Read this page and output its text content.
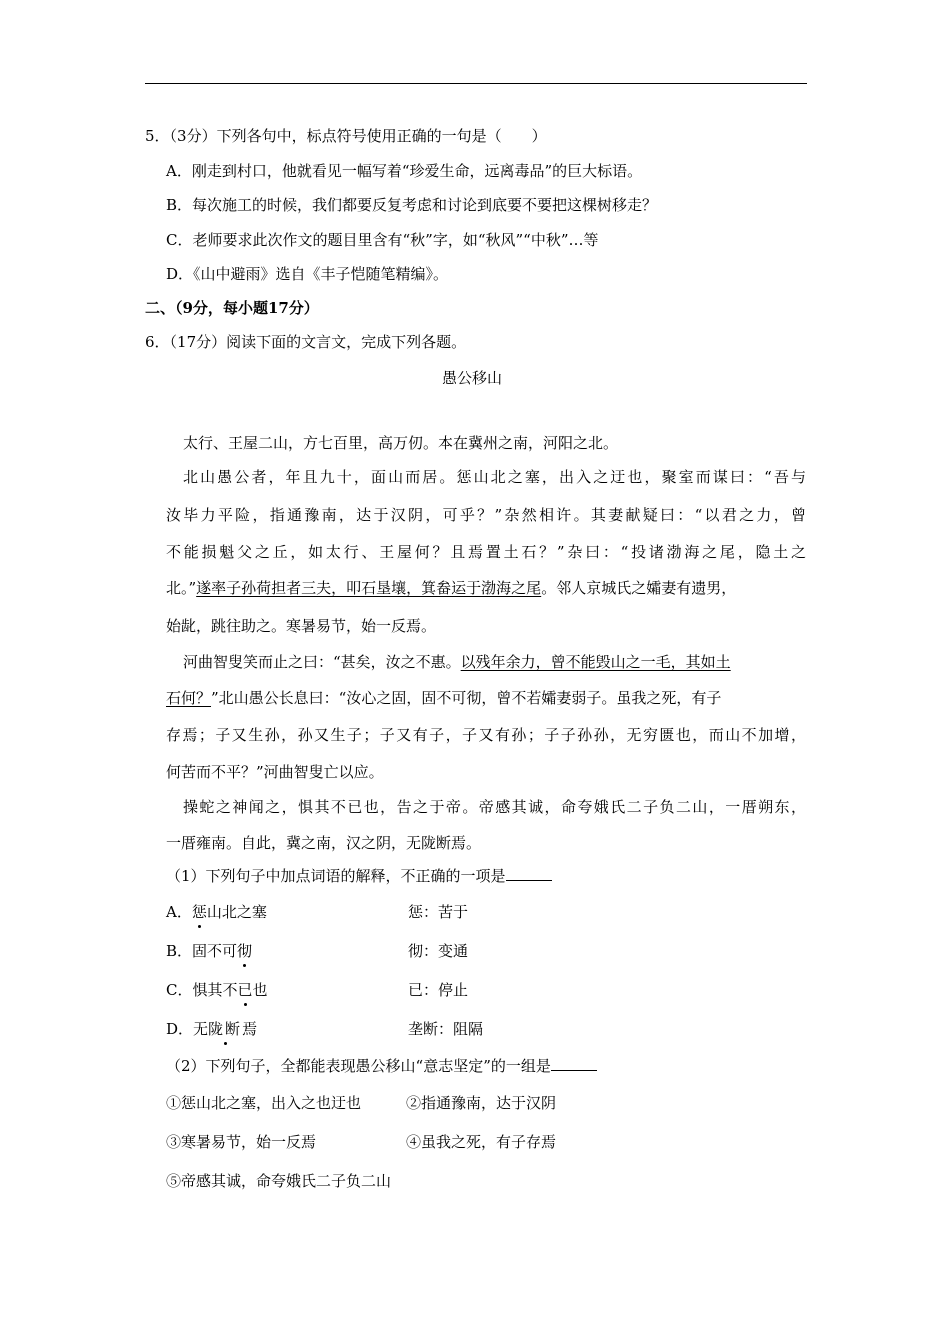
5．（3分）下列各句中，标点符号使用正确的一句是（　　）
A．刚走到村口，他就看见一幅写着“珍爱生命，远离毒品”的巨大标语。
B．每次施工的时候，我们都要反复考虑和讨论到底要不要把这棵树移走？
C．老师要求此次作文的题目里含有“秋”字，如“秋风”“中秋”…等
D．《山中避雨》选自《丰子恺随笔精编》。
二、（9分，每小题17分）
6．（17分）阅读下面的文言文，完成下列各题。
愚公移山
太行、王屋二山，方七百里，高万仞。本在冀州之南，河阳之北。
北山愚公者，年且九十，面山而居。惩山北之塞，出入之迂也，聚室而谋曰：“吾与
汝毕力平险，指通豫南，达于汉阴，可乎？”杂然相许。其妻献疑曰：“以君之力，曾
不能损魁父之丘，如太行、王屋何？且焉置土石？”杂曰：“投诸渤海之尾，隐土之
北。”遂率子孙荷担者三夫，叩石垦壤，箕畚运于渤海之尾。邻人京城氏之孀妻有遗男，
始龀，跳往助之。寒暑易节，始一反焉。
河曲智叟笑而止之曰：“甚矣，汝之不惠。以残年余力，曾不能毁山之一毛，其如土
石何？”北山愚公长息曰：“汝心之固，固不可彻，曾不若孀妻弱子。虽我之死，有子
存焉；子又生孙，孙又生子；子又有子，子又有孙；子子孙孙，无穷匮也，而山不加增，
何苦而不平？”河曲智叟亡以应。
操蛇之神闻之，惧其不已也，告之于帝。帝感其诚，命夸娥氏二子负二山，一厝朔东，
一厝雍南。自此，冀之南，汉之阴，无陇断焉。
（1）下列句子中加点词语的解释，不正确的一项是
A．惩山北之塞	惩：苦于
B．固不可彻	彻：变通
C．惧其不已也	已：停止
D．无陇断焉	垄断：阻隔
（2）下列句子，全都能表现愚公移山“意志坚定”的一组是
①惩山北之塞，出入之也迂也	②指通豫南，达于汉阴
③寒暑易节，始一反焉	④虽我之死，有子存焉
⑤帝感其诚，命夸娥氏二子负二山
